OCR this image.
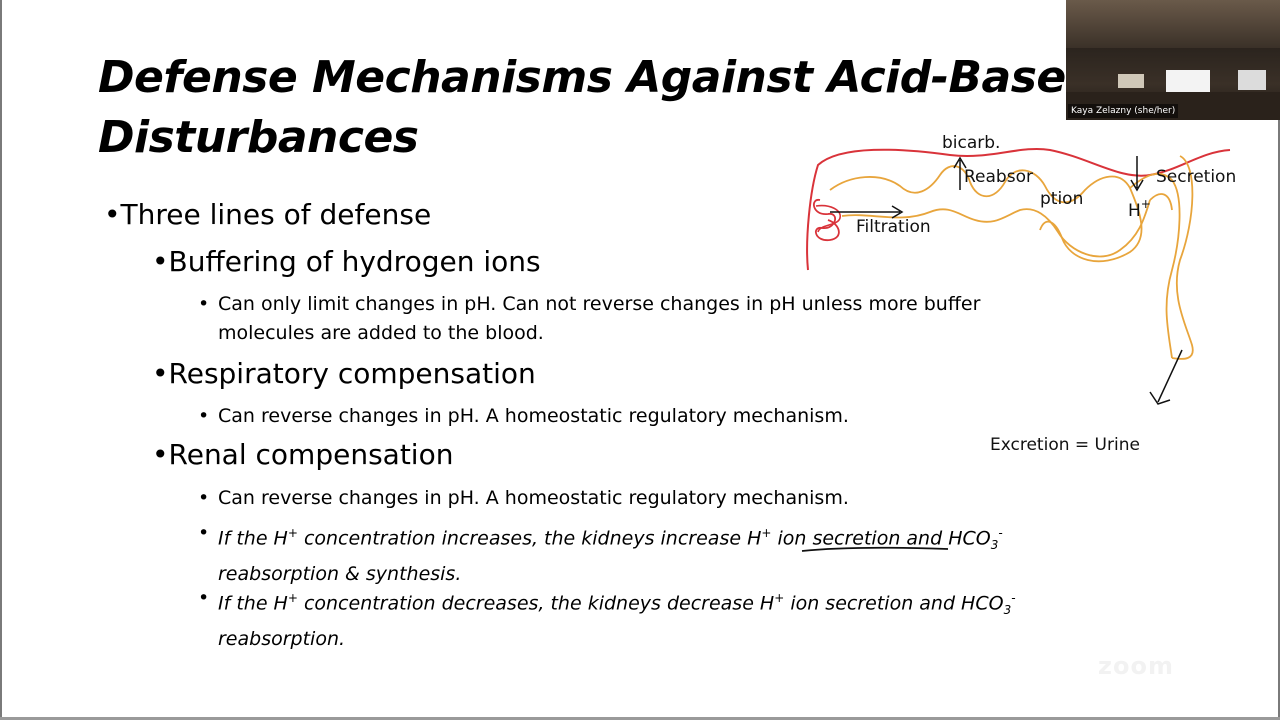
Defense Mechanisms Against Acid-Base
Disturbances
•Three lines of defense
•Buffering of hydrogen ions
• Can only limit changes in pH. Can not reverse changes in pH unless more buffer
molecules are added to the blood.
•Respiratory compensation
• Can reverse changes in pH. A homeostatic regulatory mechanism.
•Renal compensation
• Can reverse changes in pH. A homeostatic regulatory mechanism.
• If the H+ concentration increases, the kidneys increase H+ ion secretion and $HCO_3^-$
reabsorption & synthesis.
• If the H+ concentration decreases, the kidneys decrease H+ ion secretion and $HCO_3^-$
reabsorption.
bicarb.
Reabsor
ption
Secretion
H+
Filtration
Excretion = Urine
Kaya Zelazny (she/her)
zoom
